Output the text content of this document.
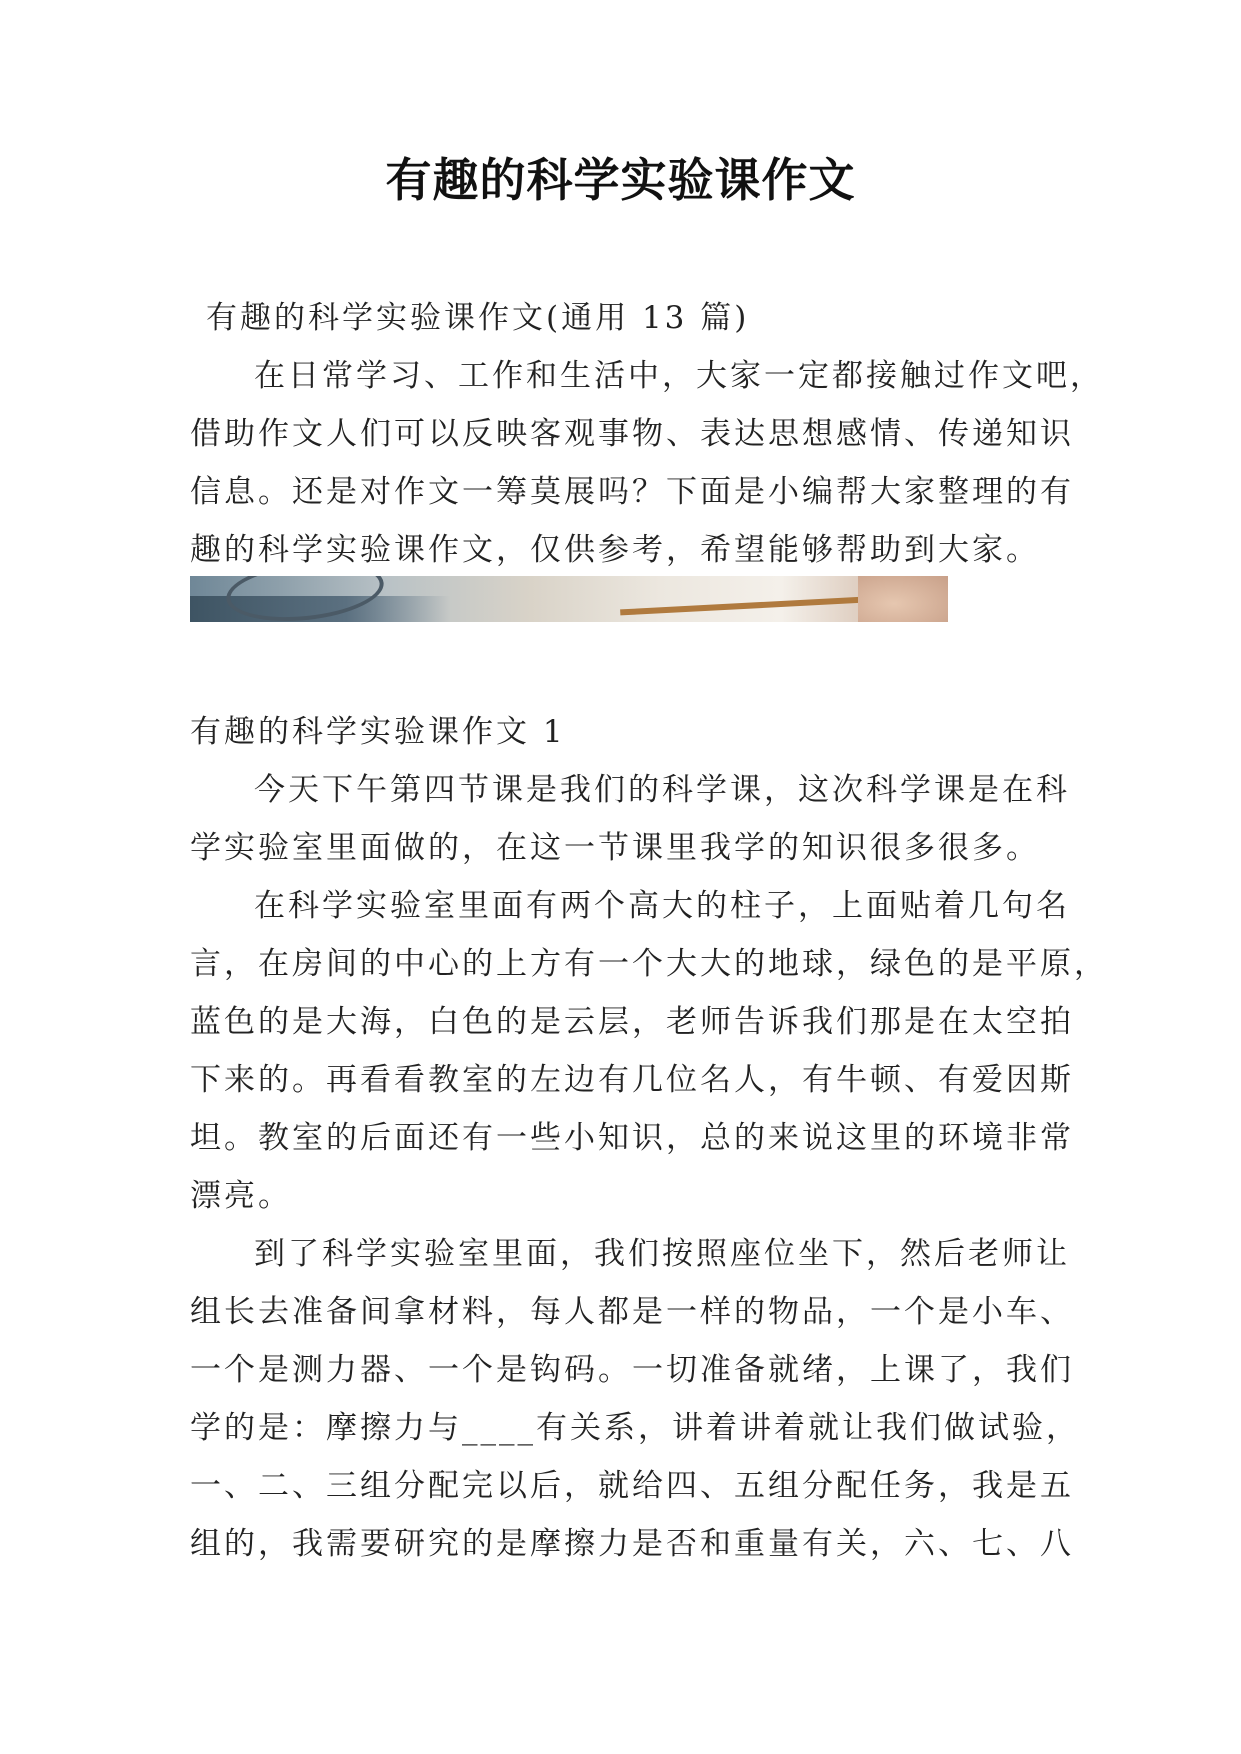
有趣的科学实验课作文
有趣的科学实验课作文(通用 13 篇)
在日常学习、工作和生活中，大家一定都接触过作文吧，
借助作文人们可以反映客观事物、表达思想感情、传递知识
信息。还是对作文一筹莫展吗？下面是小编帮大家整理的有
趣的科学实验课作文，仅供参考，希望能够帮助到大家。
有趣的科学实验课作文 1
今天下午第四节课是我们的科学课，这次科学课是在科
学实验室里面做的，在这一节课里我学的知识很多很多。
在科学实验室里面有两个高大的柱子，上面贴着几句名
言，在房间的中心的上方有一个大大的地球，绿色的是平原，
蓝色的是大海，白色的是云层，老师告诉我们那是在太空拍
下来的。再看看教室的左边有几位名人，有牛顿、有爱因斯
坦。教室的后面还有一些小知识，总的来说这里的环境非常
漂亮。
到了科学实验室里面，我们按照座位坐下，然后老师让
组长去准备间拿材料，每人都是一样的物品，一个是小车、
一个是测力器、一个是钩码。一切准备就绪，上课了，我们
学的是：摩擦力与____有关系，讲着讲着就让我们做试验，
一、二、三组分配完以后，就给四、五组分配任务，我是五
组的，我需要研究的是摩擦力是否和重量有关，六、七、八
